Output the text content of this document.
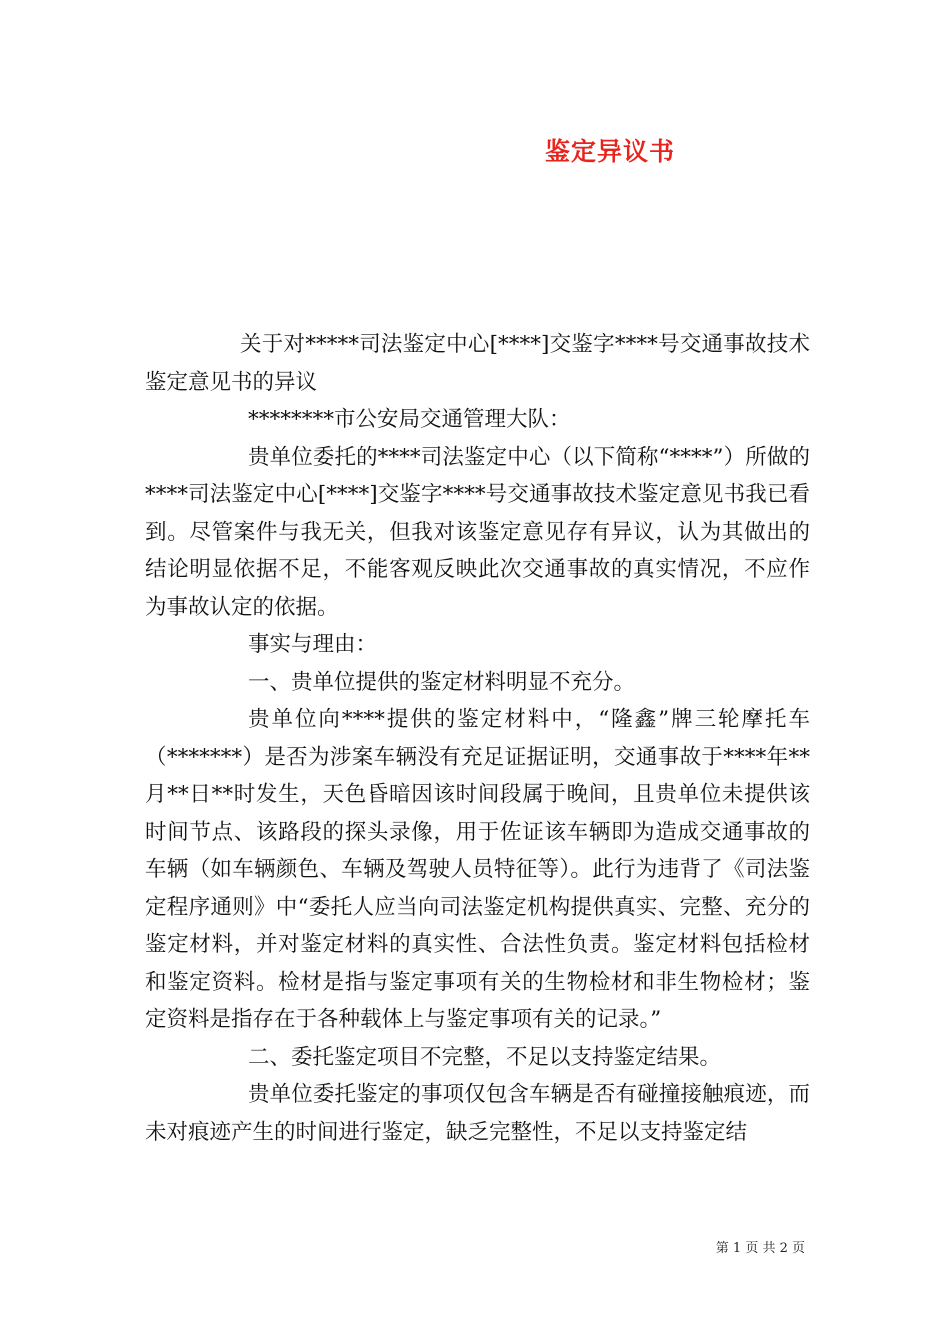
鉴定异议书

关于对*****司法鉴定中心[****]交鉴字****号交通事故技术鉴定意见书的异议

********市公安局交通管理大队：

贵单位委托的****司法鉴定中心（以下简称“****”）所做的****司法鉴定中心[****]交鉴字****号交通事故技术鉴定意见书我已看到。尽管案件与我无关，但我对该鉴定意见存有异议，认为其做出的结论明显依据不足，不能客观反映此次交通事故的真实情况，不应作为事故认定的依据。

事实与理由：

一、贵单位提供的鉴定材料明显不充分。

贵单位向****提供的鉴定材料中，“隆鑫”牌三轮摩托车（*******）是否为涉案车辆没有充足证据证明，交通事故于****年**月**日**时发生，天色昏暗因该时间段属于晚间，且贵单位未提供该时间节点、该路段的探头录像，用于佐证该车辆即为造成交通事故的车辆（如车辆颜色、车辆及驾驶人员特征等）。此行为违背了《司法鉴定程序通则》中“委托人应当向司法鉴定机构提供真实、完整、充分的鉴定材料，并对鉴定材料的真实性、合法性负责。鉴定材料包括检材和鉴定资料。检材是指与鉴定事项有关的生物检材和非生物检材；鉴定资料是指存在于各种载体上与鉴定事项有关的记录。”

二、委托鉴定项目不完整，不足以支持鉴定结果。

贵单位委托鉴定的事项仅包含车辆是否有碰撞接触痕迹，而未对痕迹产生的时间进行鉴定，缺乏完整性，不足以支持鉴定结

第 1 页 共 2 页
